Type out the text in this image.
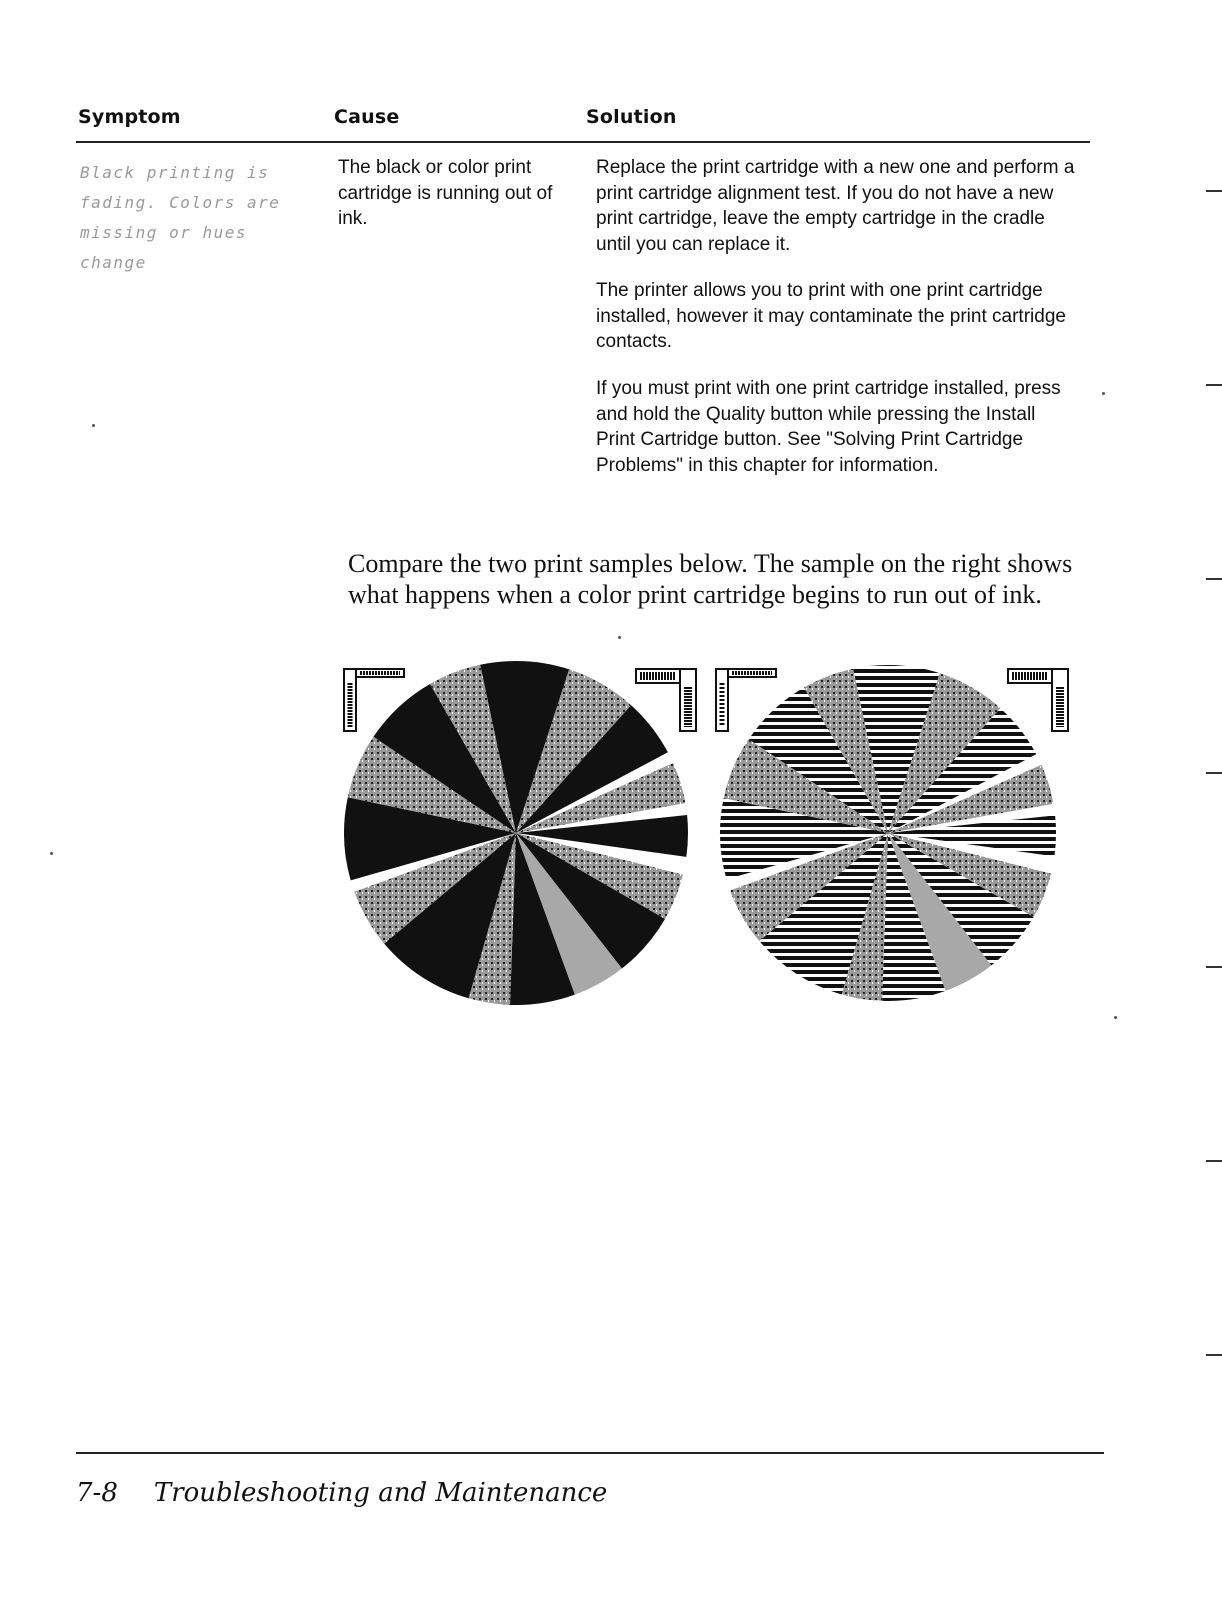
Symptom	Cause	Solution
Black printing is fading. Colors are missing or hues change
The black or color print cartridge is running out of ink.
Replace the print cartridge with a new one and perform a print cartridge alignment test. If you do not have a new print cartridge, leave the empty cartridge in the cradle until you can replace it.
The printer allows you to print with one print cartridge installed, however it may contaminate the print cartridge contacts.
If you must print with one print cartridge installed, press and hold the Quality button while pressing the Install Print Cartridge button. See "Solving Print Cartridge Problems" in this chapter for information.
Compare the two print samples below. The sample on the right shows what happens when a color print cartridge begins to run out of ink.
7-8 Troubleshooting and Maintenance
